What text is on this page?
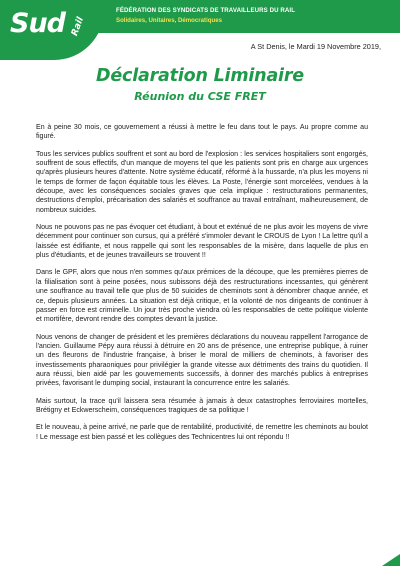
Sud Rail
FÉDÉRATION DES SYNDICATS DE TRAVAILLEURS DU RAIL
Solidaires, Unitaires, Démocratiques
A St Denis, le Mardi 19 Novembre 2019,
Déclaration Liminaire
Réunion du CSE FRET

En à peine 30 mois, ce gouvernement a réussi à mettre le feu dans tout le pays. Au propre comme au figuré.

Tous les services publics souffrent et sont au bord de l'explosion : les services hospitaliers sont engorgés, souffrent de sous effectifs, d'un manque de moyens tel que les patients sont pris en charge aux urgences qu'après plusieurs heures d'attente. Notre système éducatif, réformé à la hussarde, n'a plus les moyens ni le temps de former de façon équitable tous les élèves. La Poste, l'énergie sont morcelées, vendues à la découpe, avec les conséquences sociales graves que cela implique : restructurations permanentes, destructions d'emploi, précarisation des salariés et souffrance au travail entraînant, malheureusement, de nombreux suicides.

Nous ne pouvons pas ne pas évoquer cet étudiant, à bout et exténué de ne plus avoir les moyens de vivre décemment pour continuer son cursus, qui a préféré s'immoler devant le CROUS de Lyon ! La lettre qu'il a laissée est édifiante, et nous rappelle qui sont les responsables de la misère, dans laquelle de plus en plus d'étudiants, et de jeunes travailleurs se trouvent !!

Dans le GPF, alors que nous n'en sommes qu'aux prémices de la découpe, que les premières pierres de la filialisation sont à peine posées, nous subissons déjà des restructurations incessantes, qui génèrent une souffrance au travail telle que plus de 50 suicides de cheminots sont à dénombrer chaque année, et ce, depuis plusieurs années. La situation est déjà critique, et la volonté de nos dirigeants de continuer à passer en force est criminelle. Un jour très proche viendra où les responsables de cette politique violente et mortifère, devront rendre des comptes devant la justice.

Nous venons de changer de président et les premières déclarations du nouveau rappellent l'arrogance de l'ancien. Guillaume Pépy aura réussi à détruire en 20 ans de présence, une entreprise publique, à ruiner un des fleurons de l'industrie française, à briser le moral de milliers de cheminots, à favoriser des investissements pharaoniques pour privilégier la grande vitesse aux détriments des trains du quotidien. Il aura réussi, bien aidé par les gouvernements successifs, à donner des marchés publics à entreprises privées, favorisant le dumping social, instaurant la concurrence entre les salariés.

Mais surtout, la trace qu'il laissera sera résumée à jamais à deux catastrophes ferroviaires mortelles, Brétigny et Eckwerscheim, conséquences tragiques de sa politique !

Et le nouveau, à peine arrivé, ne parle que de rentabilité, productivité, de remettre les cheminots au boulot ! Le message est bien passé et les collègues des Technicentres lui ont répondu !!
